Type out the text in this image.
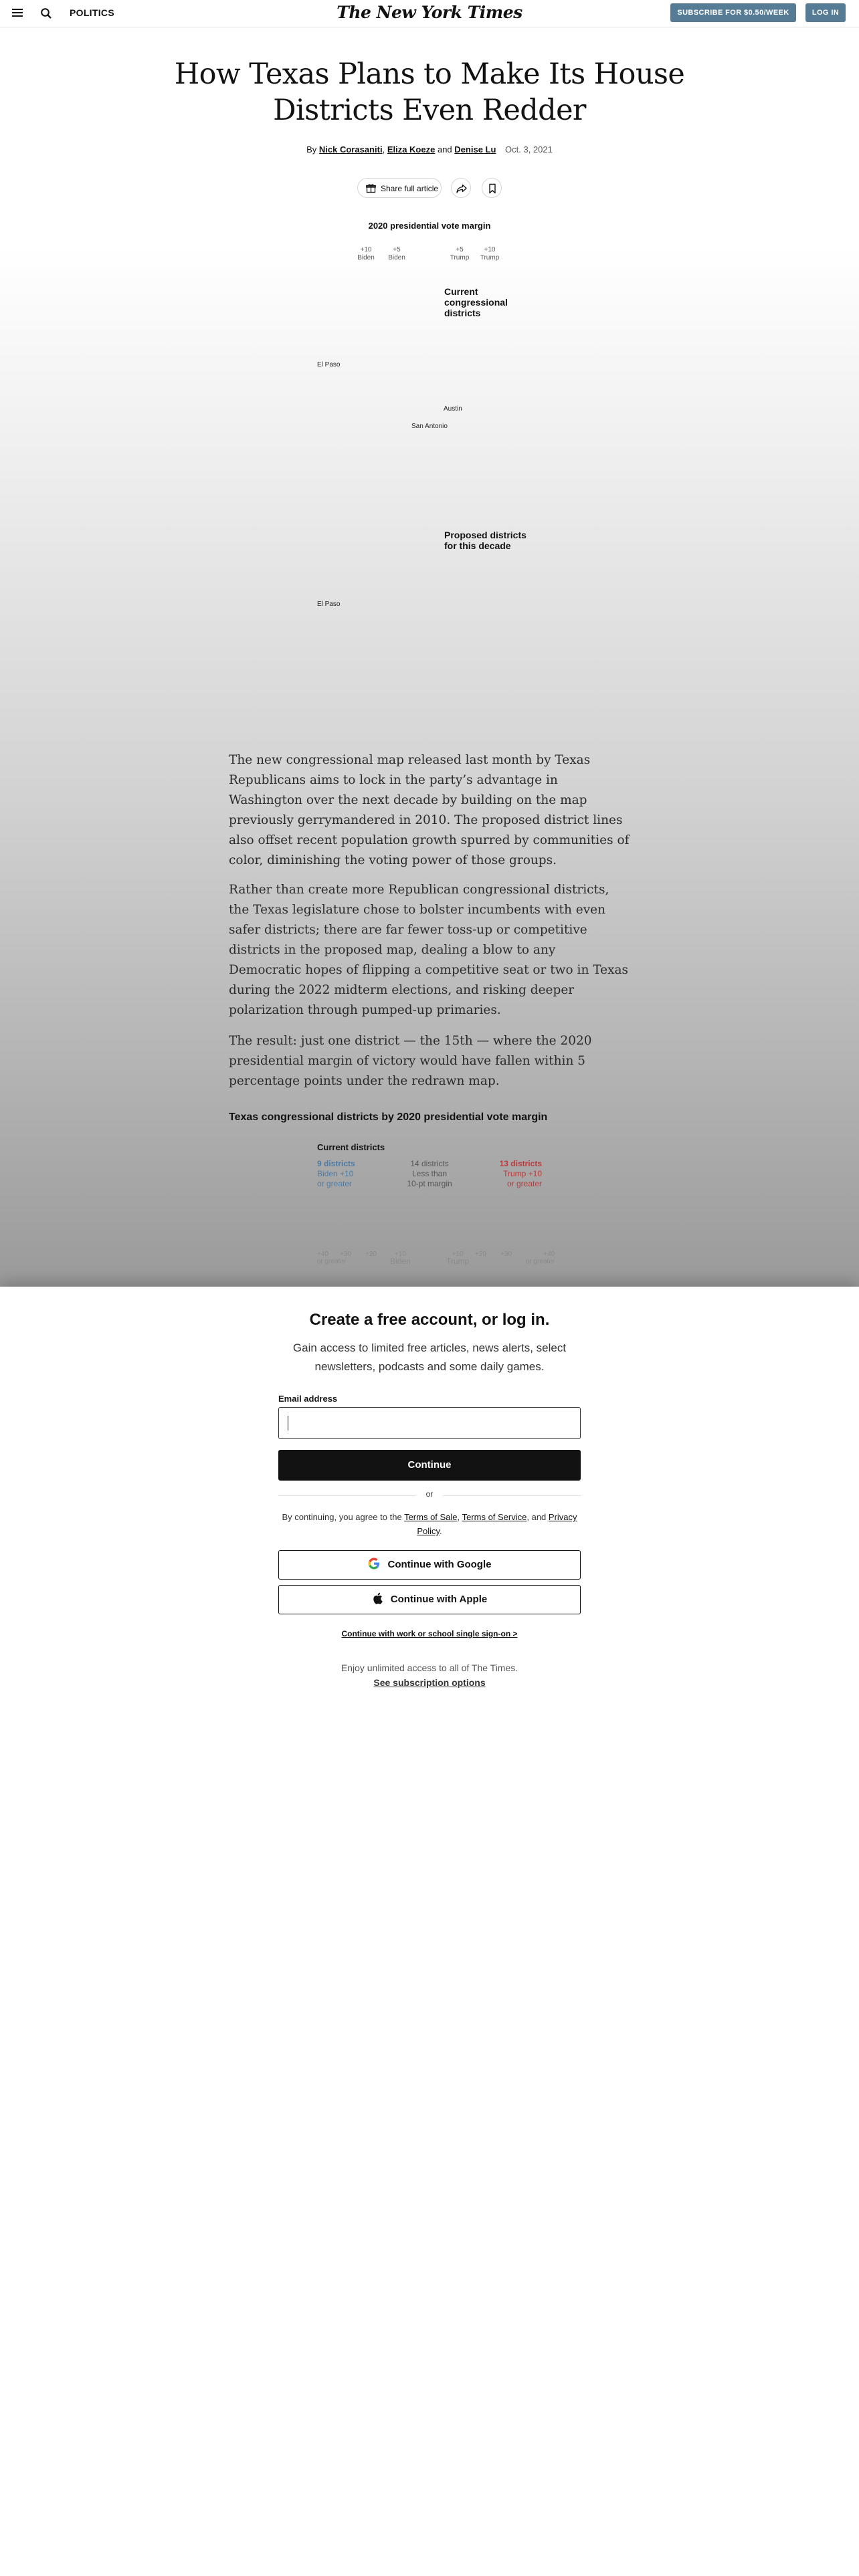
POLITICS	The New York Times	SUBSCRIBE FOR $0.50/WEEK	LOG IN
How Texas Plans to Make Its House Districts Even Redder
By Nick Corasaniti, Eliza Koeze and Denise Lu Oct. 3, 2021
Share full article
2020 presidential vote margin
+10
Biden
+5
Biden
+5
Trump
+10
Trump
Current congressional districts
El Paso
Austin
San Antonio
Proposed districts for this decade
El Paso

The new congressional map released last month by Texas Republicans aims to lock in the party’s advantage in Washington over the next decade by building on the map previously gerrymandered in 2010. The proposed district lines also offset recent population growth spurred by communities of color, diminishing the voting power of those groups.

Rather than create more Republican congressional districts, the Texas legislature chose to bolster incumbents with even safer districts; there are far fewer toss-up or competitive districts in the proposed map, dealing a blow to any Democratic hopes of flipping a competitive seat or two in Texas during the 2022 midterm elections, and risking deeper polarization through pumped-up primaries.

The result: just one district — the 15th — where the 2020 presidential margin of victory would have fallen within 5 percentage points under the redrawn map.

Texas congressional districts by 2020 presidential vote margin
Current districts
9 districts
Biden +10
or greater
14 districts
Less than
10-pt margin
13 districts
Trump +10
or greater
+40
or greater
+30 +20	+10
Biden
+10
Trump
+20 +30	+40
or greater
Create a free account, or log in.
Gain access to limited free articles, news alerts, select newsletters, podcasts and some daily games.
Email address
Continue
or
By continuing, you agree to the Terms of Sale, Terms of Service, and Privacy Policy.
Continue with Google
Continue with Apple
Continue with work or school single sign-on >
Enjoy unlimited access to all of The Times.
See subscription options
